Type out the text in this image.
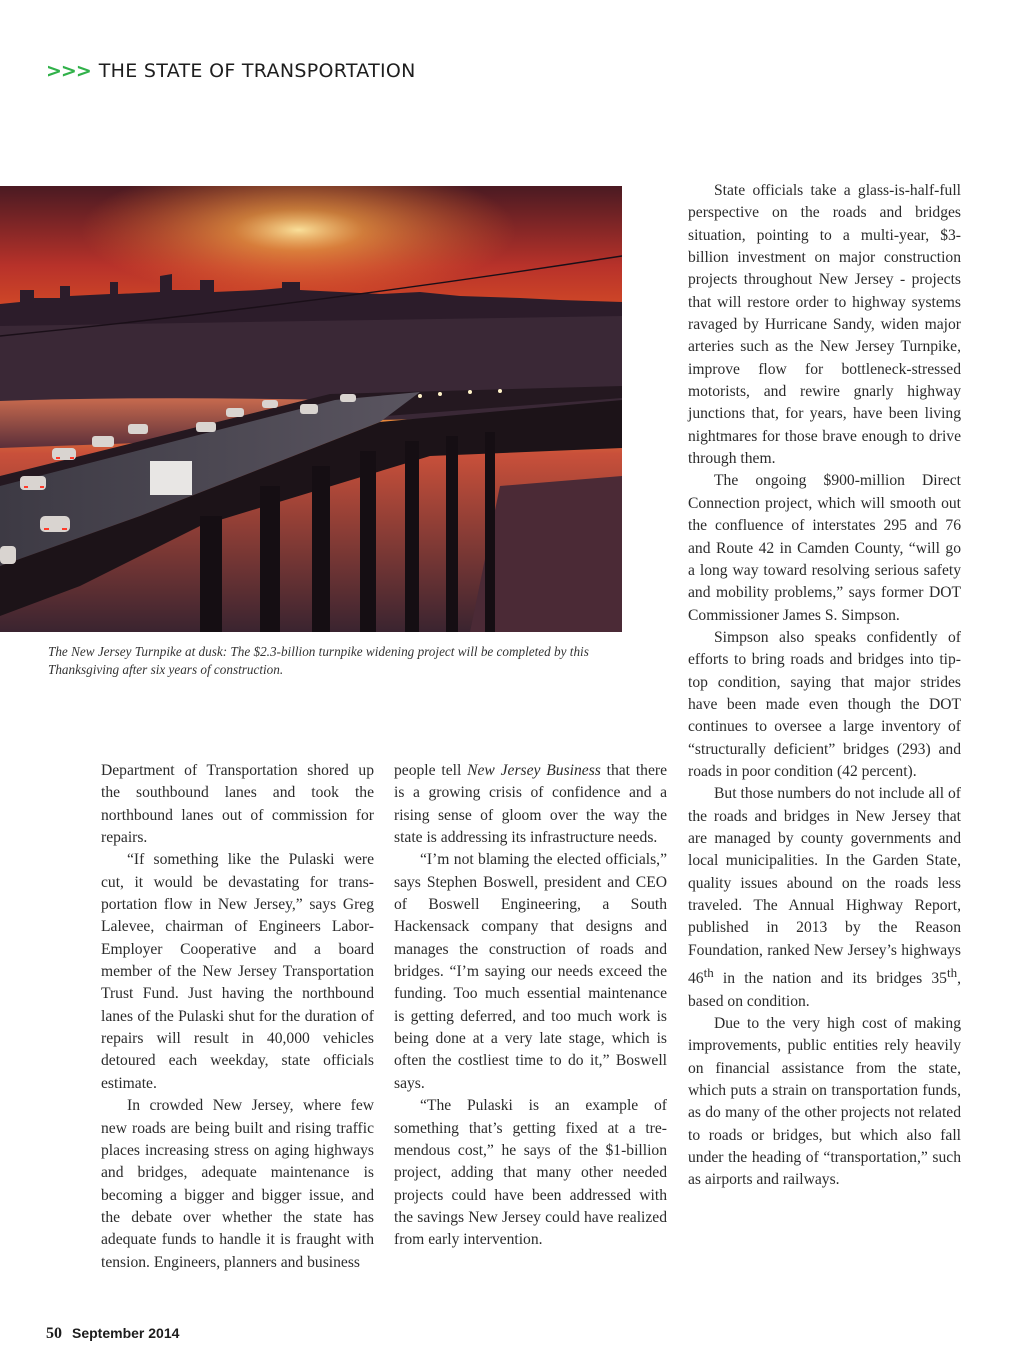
>>> THE STATE OF TRANSPORTATION
The New Jersey Turnpike at dusk: The $2.3-billion turnpike widening project will be completed by this Thanksgiving after six years of construction.

Department of Transportation shored up the southbound lanes and took the northbound lanes out of commission for repairs.

“If something like the Pulaski were cut, it would be devastating for transportation flow in New Jersey,” says Greg Lalevee, chairman of Engineers Labor-Employer Cooperative and a board member of the New Jersey Transportation Trust Fund. Just having the northbound lanes of the Pulaski shut for the duration of repairs will result in 40,000 vehicles detoured each weekday, state officials estimate.

In crowded New Jersey, where few new roads are being built and rising traffic places increasing stress on aging highways and bridges, adequate maintenance is becoming a bigger and bigger issue, and the debate over whether the state has adequate funds to handle it is fraught with tension. Engineers, planners and business

people tell New Jersey Business that there is a growing crisis of confidence and a rising sense of gloom over the way the state is addressing its infrastructure needs.

“I’m not blaming the elected officials,” says Stephen Boswell, president and CEO of Boswell Engineering, a South Hackensack company that designs and manages the construction of roads and bridges. “I’m saying our needs exceed the funding. Too much essential maintenance is getting deferred, and too much work is being done at a very late stage, which is often the costliest time to do it,” Boswell says.

“The Pulaski is an example of something that’s getting fixed at a tremendous cost,” he says of the $1-billion project, adding that many other needed projects could have been addressed with the savings New Jersey could have realized from early intervention.

State officials take a glass-is-half-full perspective on the roads and bridges situation, pointing to a multi-year, $3-billion investment on major construction projects throughout New Jersey - projects that will restore order to highway systems ravaged by Hurricane Sandy, widen major arteries such as the New Jersey Turnpike, improve flow for bottleneck-stressed motorists, and rewire gnarly highway junctions that, for years, have been living nightmares for those brave enough to drive through them.

The ongoing $900-million Direct Connection project, which will smooth out the confluence of interstates 295 and 76 and Route 42 in Camden County, “will go a long way toward resolving serious safety and mobility problems,” says former DOT Commissioner James S. Simpson.

Simpson also speaks confidently of efforts to bring roads and bridges into tip-top condition, saying that major strides have been made even though the DOT continues to oversee a large inventory of “structurally deficient” bridges (293) and roads in poor condition (42 percent).

But those numbers do not include all of the roads and bridges in New Jersey that are managed by county governments and local municipalities. In the Garden State, quality issues abound on the roads less traveled. The Annual Highway Report, published in 2013 by the Reason Foundation, ranked New Jersey’s highways 46th in the nation and its bridges 35th, based on condition.

Due to the very high cost of making improvements, public entities rely heavily on financial assistance from the state, which puts a strain on transportation funds, as do many of the other projects not related to roads or bridges, but which also fall under the heading of “transportation,” such as airports and railways.

50 September 2014
